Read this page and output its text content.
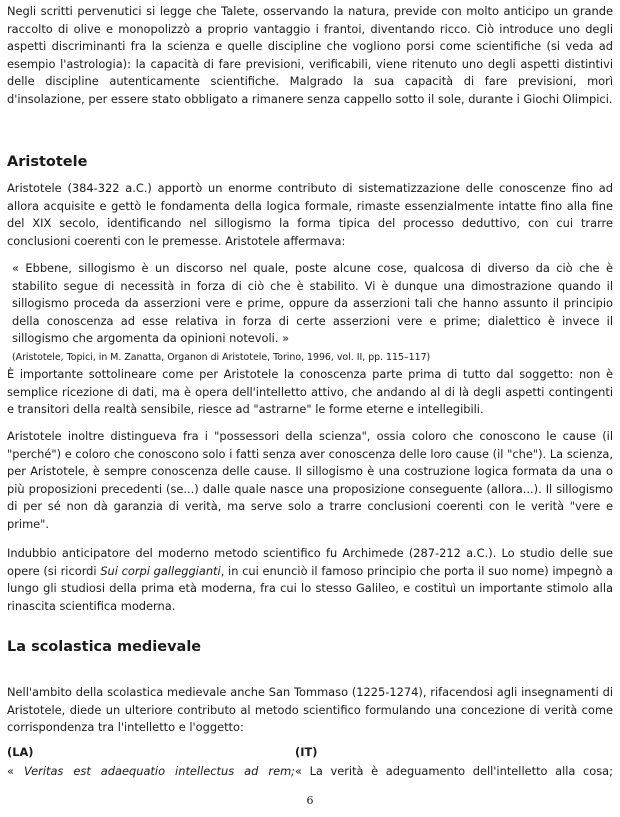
Negli scritti pervenutici si legge che Talete, osservando la natura, previde con molto anticipo un grande raccolto di olive e monopolizzò a proprio vantaggio i frantoi, diventando ricco. Ciò introduce uno degli aspetti discriminanti fra la scienza e quelle discipline che vogliono porsi come scientifiche (si veda ad esempio l'astrologia): la capacità di fare previsioni, verificabili, viene ritenuto uno degli aspetti distintivi delle discipline autenticamente scientifiche. Malgrado la sua capacità di fare previsioni, morì d'insolazione, per essere stato obbligato a rimanere senza cappello sotto il sole, durante i Giochi Olimpici.

Aristotele

Aristotele (384-322 a.C.) apportò un enorme contributo di sistematizzazione delle conoscenze fino ad allora acquisite e gettò le fondamenta della logica formale, rimaste essenzialmente intatte fino alla fine del XIX secolo, identificando nel sillogismo la forma tipica del processo deduttivo, con cui trarre conclusioni coerenti con le premesse. Aristotele affermava:

« Ebbene, sillogismo è un discorso nel quale, poste alcune cose, qualcosa di diverso da ciò che è stabilito segue di necessità in forza di ciò che è stabilito. Vi è dunque una dimostrazione quando il sillogismo proceda da asserzioni vere e prime, oppure da asserzioni tali che hanno assunto il principio della conoscenza ad esse relativa in forza di certe asserzioni vere e prime; dialettico è invece il sillogismo che argomenta da opinioni notevoli. »

(Aristotele, Topici, in M. Zanatta, Organon di Aristotele, Torino, 1996, vol. II, pp. 115–117)

È importante sottolineare come per Aristotele la conoscenza parte prima di tutto dal soggetto: non è semplice ricezione di dati, ma è opera dell'intelletto attivo, che andando al di là degli aspetti contingenti e transitori della realtà sensibile, riesce ad "astrarne" le forme eterne e intellegibili.

Aristotele inoltre distingueva fra i "possessori della scienza", ossia coloro che conoscono le cause (il "perché") e coloro che conoscono solo i fatti senza aver conoscenza delle loro cause (il "che"). La scienza, per Aristotele, è sempre conoscenza delle cause. Il sillogismo è una costruzione logica formata da una o più proposizioni precedenti (se...) dalle quale nasce una proposizione conseguente (allora...). Il sillogismo di per sé non dà garanzia di verità, ma serve solo a trarre conclusioni coerenti con le verità "vere e prime".

Indubbio anticipatore del moderno metodo scientifico fu Archimede (287-212 a.C.). Lo studio delle sue opere (si ricordi Sui corpi galleggianti, in cui enunciò il famoso principio che porta il suo nome) impegnò a lungo gli studiosi della prima età moderna, fra cui lo stesso Galileo, e costituì un importante stimolo alla rinascita scientifica moderna.

La scolastica medievale

Nell'ambito della scolastica medievale anche San Tommaso (1225-1274), rifacendosi agli insegnamenti di Aristotele, diede un ulteriore contributo al metodo scientifico formulando una concezione di verità come corrispondenza tra l'intelletto e l'oggetto:

(LA)	(IT)
« Veritas est adaequatio intellectus ad rem; « La verità è adeguamento dell'intelletto alla cosa;
6
